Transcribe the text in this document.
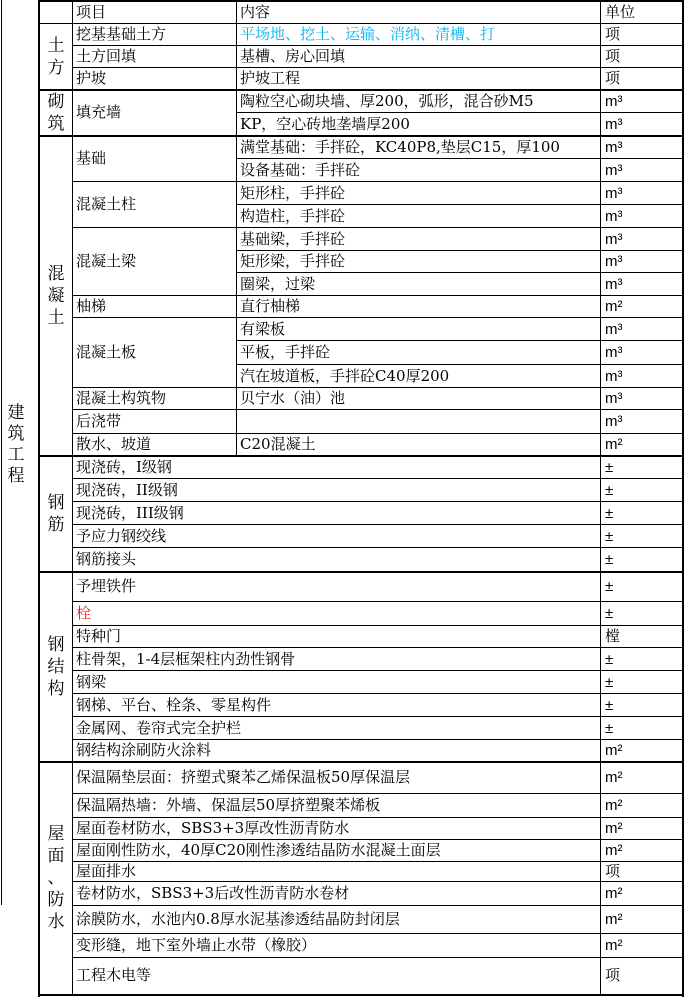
建
筑
工
程
项目	内容	单位
土
方
砌
筑
混
凝
土
钢
筋
钢
结
构
屋
面
、
防
水
挖基基础土方
土方回填
护坡
填充墙
基础
混凝土柱
混凝土梁
柚梯
混凝土板
混凝土构筑物
后浇带
散水、坡道
平场地、挖土、运输、消纳、清槽、打
基槽、房心回填
护坡工程
陶粒空心砌块墙、厚200，弧形，混合砂M5
KP，空心砖地垄墙厚200
满堂基础：手拌砼，KC40P8,垫层C15，厚100
设备基础：手拌砼
矩形柱，手拌砼
构造柱，手拌砼
基础梁，手拌砼
矩形梁，手拌砼
圈梁，过梁
直行柚梯
有梁板
平板，手拌砼
汽在坡道板，手拌砼C40厚200
贝宁水（油）池
C20混凝土
现浇砖，I级钢
现浇砖，II级钢
现浇砖，III级钢
予应力钢绞线
钢筋接头
予埋铁件
栓
特种门
柱骨架，1-4层框架柱内劲性钢骨
钢梁
钢梯、平台、栓条、零星构件
金属网、卷帘式完全护栏
钢结构涂刷防火涂料
保温隔垫层面：挤塑式聚苯乙烯保温板50厚保温层
保温隔热墙：外墙、保温层50厚挤塑聚苯烯板
屋面卷材防水，SBS3+3厚改性沥青防水
屋面刚性防水，40厚C20刚性渗透结晶防水混凝土面层
屋面排水
卷材防水，SBS3+3后改性沥青防水卷材
涂膜防水，水池内0.8厚水泥基渗透结晶防封闭层
变形缝，地下室外墙止水带（橡胶）
工程木电等
项
项
项
m³
m³
m³
m³
m³
m³
m³
m³
m³
m²
m³
m³
m³
m³
m³
m²
±
±
±
±
±
±
±
樘
±
±
±
±
m²
m²
m²
m²
m²
项
m²
m²
m²
项
